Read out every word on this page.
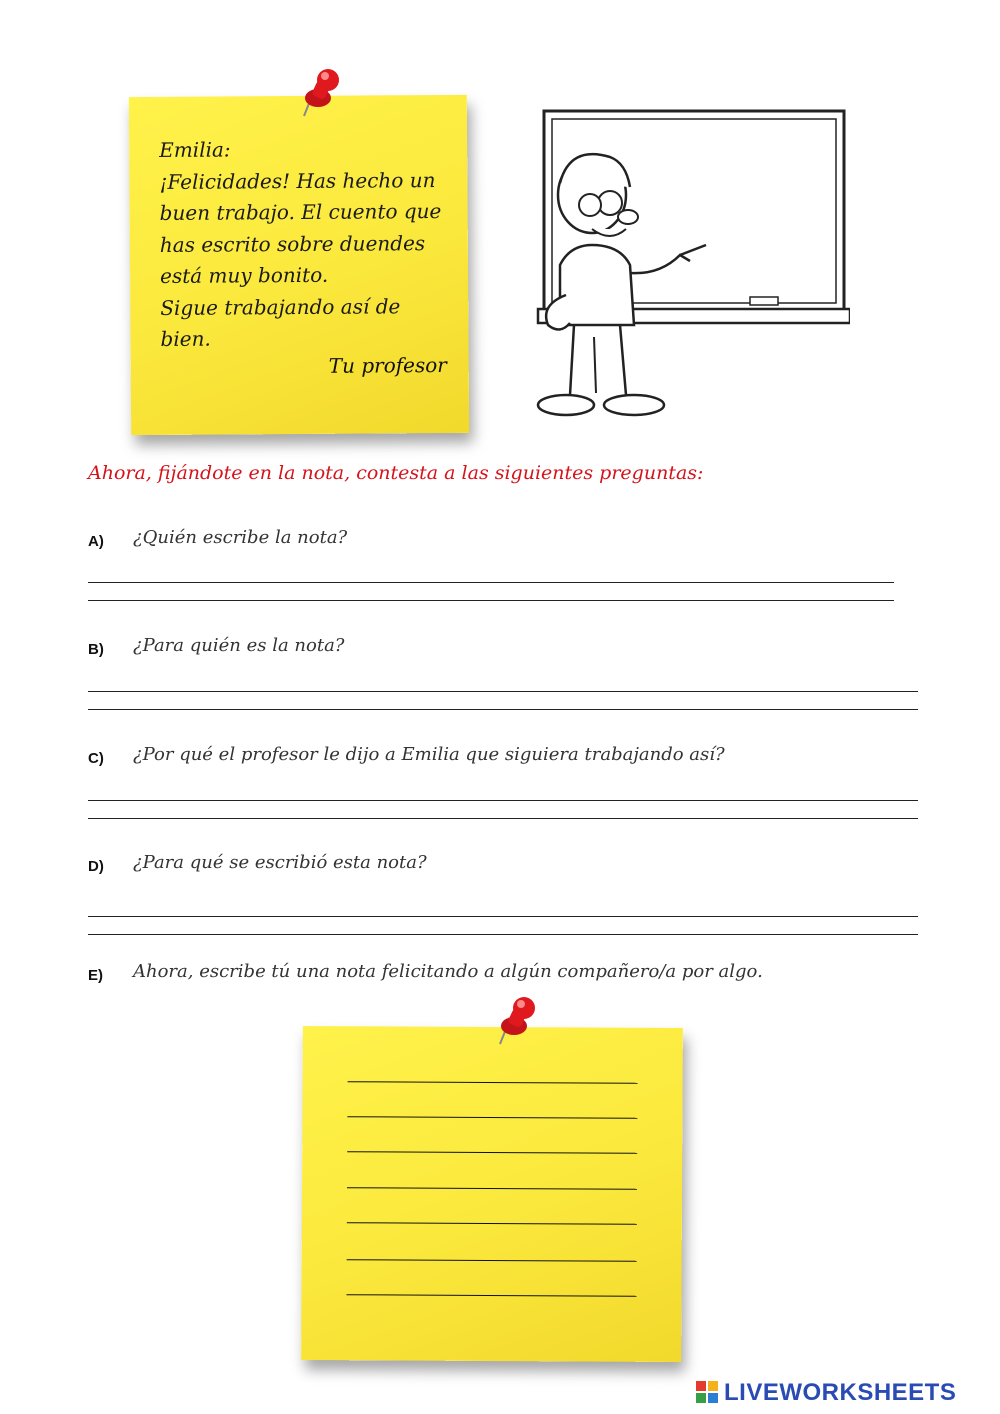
Emilia:
¡Felicidades! Has hecho un
buen trabajo. El cuento que
has escrito sobre duendes
está muy bonito.
Sigue trabajando así de
bien.
Tu profesor
Ahora, fijándote en la nota, contesta a las siguientes preguntas:
A) ¿Quién escribe la nota?
B) ¿Para quién es la nota?
C) ¿Por qué el profesor le dijo a Emilia que siguiera trabajando así?
D) ¿Para qué se escribió esta nota?
E) Ahora, escribe tú una nota felicitando a algún compañero/a por algo.
LIVEWORKSHEETS
